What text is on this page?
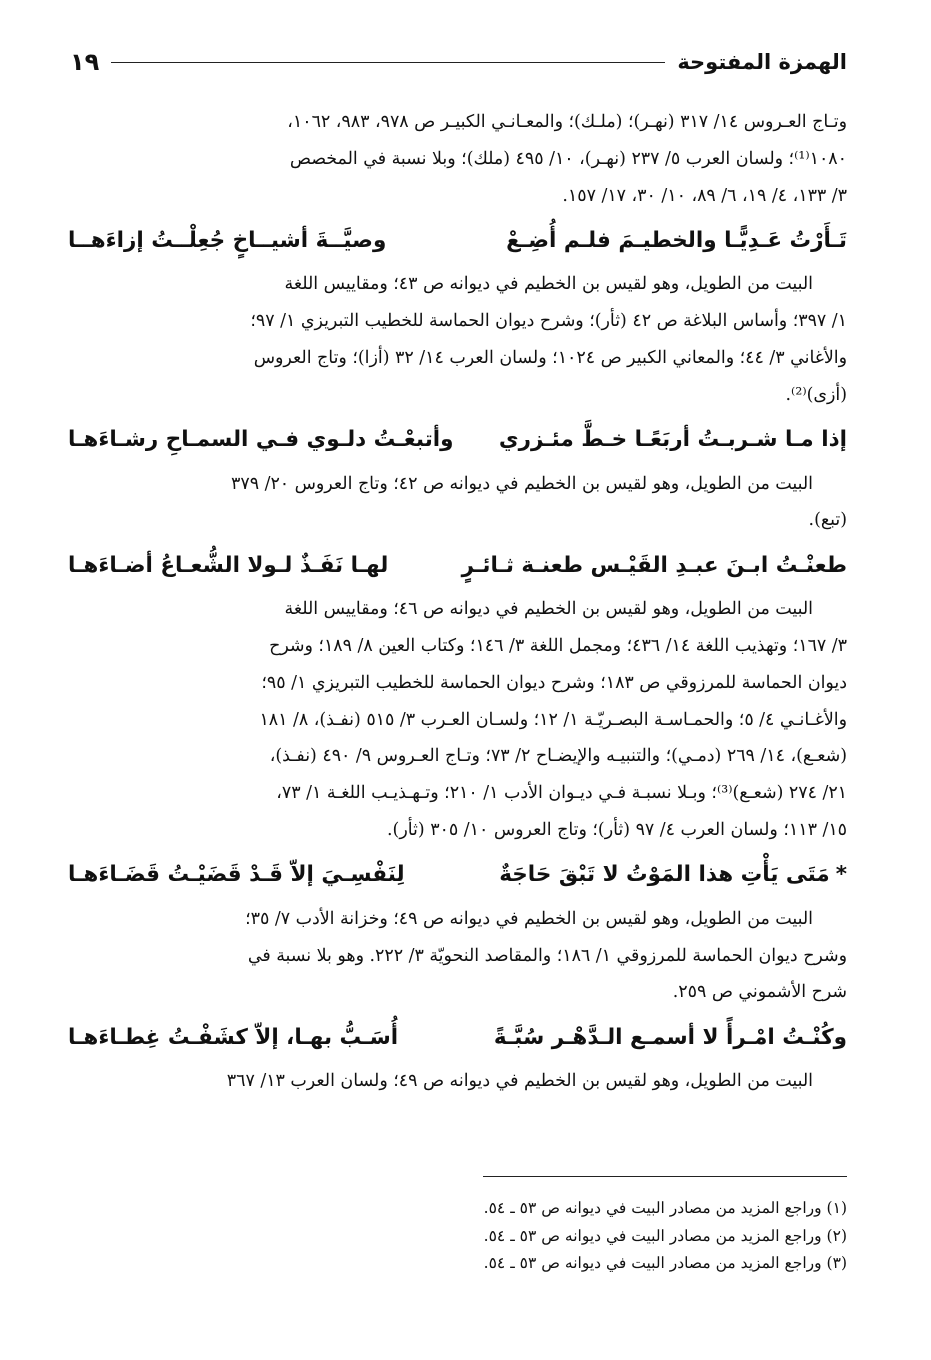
الهمزة المفتوحة
١٩

وتـاج العـروس ١٤/ ٣١٧ (نهـر)؛ (ملـك)؛ والمعـانـي الكبيـر ص ٩٧٨، ٩٨٣، ١٠٦٢،

١٠٨٠⁽¹⁾؛ ولسان العرب ٥/ ٢٣٧ (نهـر)، ١٠/ ٤٩٥ (ملك)؛ وبلا نسبة في المخصص

٣/ ١٣٣، ٤/ ١٩، ٦/ ٨٩، ١٠/ ٣٠، ١٧/ ١٥٧.

تَـأَرْتُ عَـدِيًّـا والخطيـمَ فلـم أُضِـعْ
وصيَّــةَ أشيــاخٍ جُعِلْــتُ إزاءَهــا

البيت من الطويل، وهو لقيس بن الخطيم في ديوانه ص ٤٣؛ ومقاييس اللغة

١/ ٣٩٧؛ وأساس البلاغة ص ٤٢ (ثأر)؛ وشرح ديوان الحماسة للخطيب التبريزي ١/ ٩٧؛

والأغاني ٣/ ٤٤؛ والمعاني الكبير ص ١٠٢٤؛ ولسان العرب ١٤/ ٣٢ (أزا)؛ وتاج العروس

(أزى)⁽²⁾.

إذا مـا شـربـتُ أربَعًـا خـطَّ مئـزري
وأتبعْـتُ دلـوي فـي السمـاحِ رشـاءَهـا

البيت من الطويل، وهو لقيس بن الخطيم في ديوانه ص ٤٢؛ وتاج العروس ٢٠/ ٣٧٩

(تبع).

طعنْـتُ ابـنَ عبـدِ القَيْـس طعنـة ثـائـرٍ
لهـا نَفَـذٌ لـولا الشُّعـاعُ أضـاءَهـا

البيت من الطويل، وهو لقيس بن الخطيم في ديوانه ص ٤٦؛ ومقاييس اللغة

٣/ ١٦٧؛ وتهذيب اللغة ١٤/ ٤٣٦؛ ومجمل اللغة ٣/ ١٤٦؛ وكتاب العين ٨/ ١٨٩؛ وشرح

ديوان الحماسة للمرزوقي ص ١٨٣؛ وشرح ديوان الحماسة للخطيب التبريزي ١/ ٩٥؛

والأغـانـي ٤/ ٥؛ والحمـاسـة البصـريّـة ١/ ١٢؛ ولسـان العـرب ٣/ ٥١٥ (نفـذ)، ٨/ ١٨١

(شعـع)، ١٤/ ٢٦٩ (دمـي)؛ والتنبيـه والإيضـاح ٢/ ٧٣؛ وتـاج العـروس ٩/ ٤٩٠ (نفـذ)،

٢١/ ٢٧٤ (شعـع)⁽³⁾؛ وبـلا نسبـة فـي ديـوان الأدب ١/ ٢١٠؛ وتـهـذيـب اللغـة ١/ ٧٣،

١٥/ ١١٣؛ ولسان العرب ٤/ ٩٧ (ثأر)؛ وتاج العروس ١٠/ ٣٠٥ (ثأر).

*مَتَى يَأْتِ هذا المَوْتُ لا تَبْقَ حَاجَةٌ
لِنَفْسِـيَ إلاّ قَـدْ قَضَيْـتُ قَضَـاءَهـا

البيت من الطويل، وهو لقيس بن الخطيم في ديوانه ص ٤٩؛ وخزانة الأدب ٧/ ٣٥؛

وشرح ديوان الحماسة للمرزوقي ١/ ١٨٦؛ والمقاصد النحويّة ٣/ ٢٢٢. وهو بلا نسبة في

شرح الأشموني ص ٢٥٩.

وكُنْـتُ امْـرأً لا أسمـع الـدَّهْـر سُبَّـةً
أُسَـبُّ بهـا، إلاّ كشَفْـتُ غِطـاءَهـا

البيت من الطويل، وهو لقيس بن الخطيم في ديوانه ص ٤٩؛ ولسان العرب ١٣/ ٣٦٧

(١) وراجع المزيد من مصادر البيت في ديوانه ص ٥٣ ـ ٥٤.

(٢) وراجع المزيد من مصادر البيت في ديوانه ص ٥٣ ـ ٥٤.

(٣) وراجع المزيد من مصادر البيت في ديوانه ص ٥٣ ـ ٥٤.
